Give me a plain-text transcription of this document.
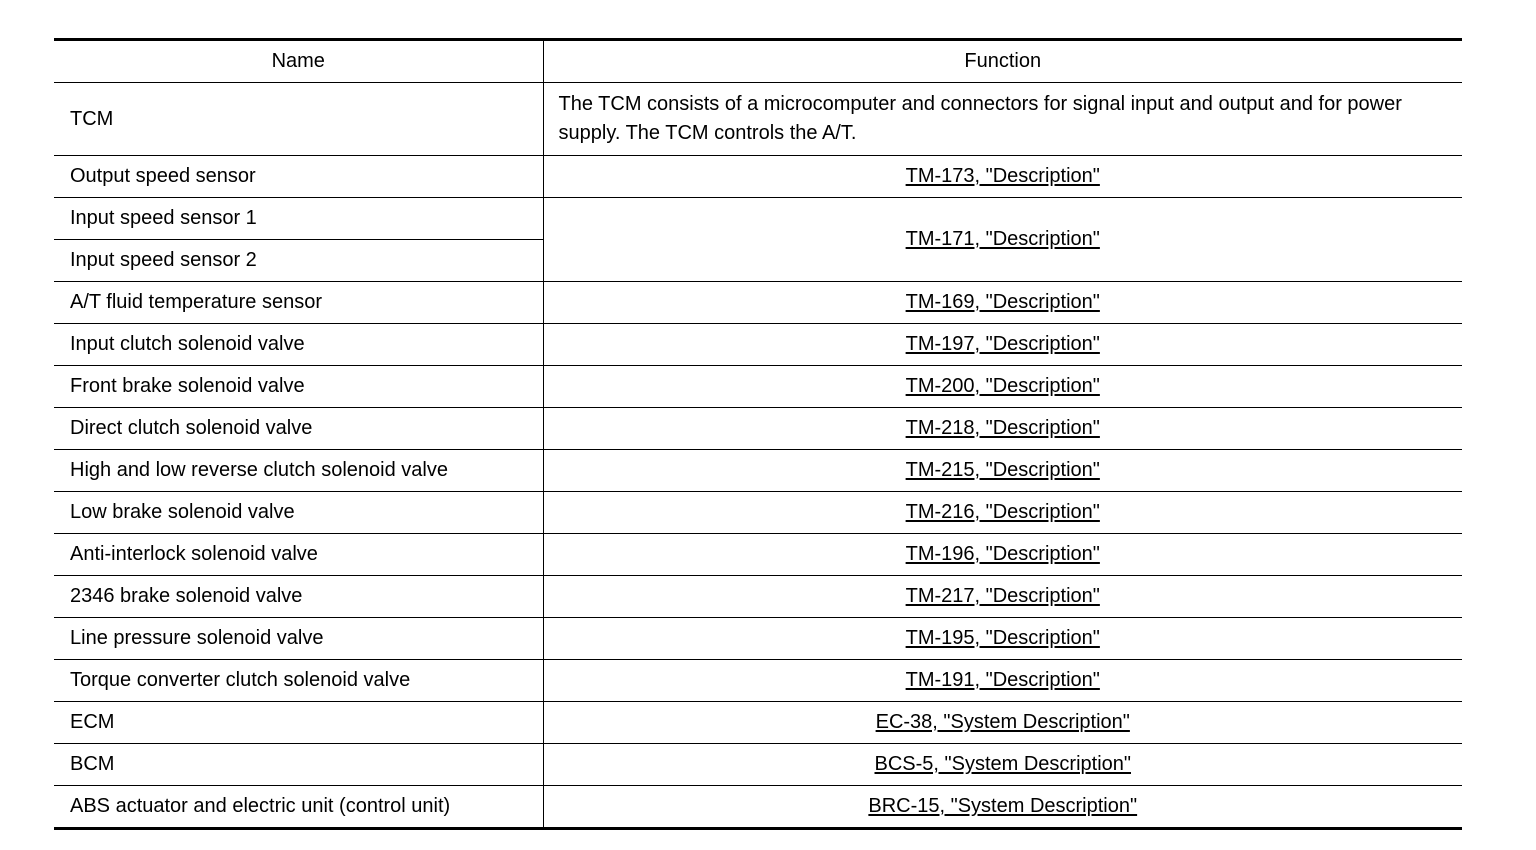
Name	Function
TCM	The TCM consists of a microcomputer and connectors for signal input and output and for power supply. The TCM controls the A/T.
Output speed sensor	TM-173, "Description"
Input speed sensor 1	TM-171, "Description"
Input speed sensor 2	
A/T fluid temperature sensor	TM-169, "Description"
Input clutch solenoid valve	TM-197, "Description"
Front brake solenoid valve	TM-200, "Description"
Direct clutch solenoid valve	TM-218, "Description"
High and low reverse clutch solenoid valve	TM-215, "Description"
Low brake solenoid valve	TM-216, "Description"
Anti-interlock solenoid valve	TM-196, "Description"
2346 brake solenoid valve	TM-217, "Description"
Line pressure solenoid valve	TM-195, "Description"
Torque converter clutch solenoid valve	TM-191, "Description"
ECM	EC-38, "System Description"
BCM	BCS-5, "System Description"
ABS actuator and electric unit (control unit)	BRC-15, "System Description"
